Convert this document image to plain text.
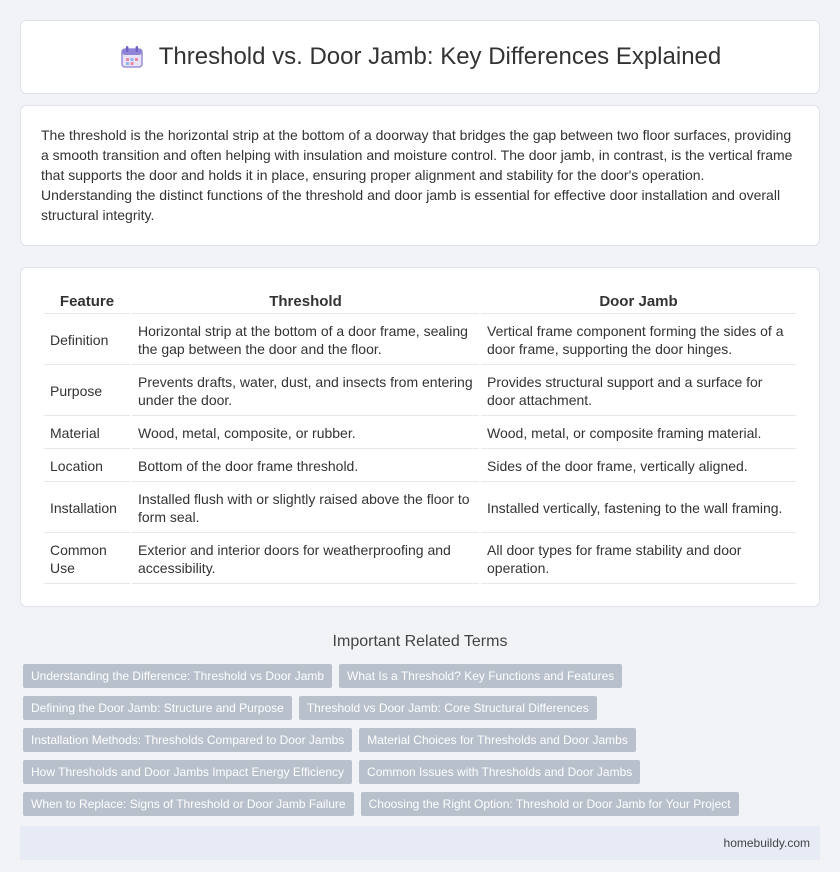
Threshold vs. Door Jamb: Key Differences Explained

The threshold is the horizontal strip at the bottom of a doorway that bridges the gap between two floor surfaces, providing a smooth transition and often helping with insulation and moisture control. The door jamb, in contrast, is the vertical frame that supports the door and holds it in place, ensuring proper alignment and stability for the door's operation. Understanding the distinct functions of the threshold and door jamb is essential for effective door installation and overall structural integrity.

Feature	Threshold	Door Jamb
Definition	Horizontal strip at the bottom of a door frame, sealing the gap between the door and the floor.	Vertical frame component forming the sides of a door frame, supporting the door hinges.
Purpose	Prevents drafts, water, dust, and insects from entering under the door.	Provides structural support and a surface for door attachment.
Material	Wood, metal, composite, or rubber.	Wood, metal, or composite framing material.
Location	Bottom of the door frame threshold.	Sides of the door frame, vertically aligned.
Installation	Installed flush with or slightly raised above the floor to form seal.	Installed vertically, fastening to the wall framing.
Common Use	Exterior and interior doors for weatherproofing and accessibility.	All door types for frame stability and door operation.
Important Related Terms
Understanding the Difference: Threshold vs Door Jamb	What Is a Threshold? Key Functions and Features
Defining the Door Jamb: Structure and Purpose	Threshold vs Door Jamb: Core Structural Differences
Installation Methods: Thresholds Compared to Door Jambs	Material Choices for Thresholds and Door Jambs
How Thresholds and Door Jambs Impact Energy Efficiency	Common Issues with Thresholds and Door Jambs
When to Replace: Signs of Threshold or Door Jamb Failure	Choosing the Right Option: Threshold or Door Jamb for Your Project
homebuildy.com
